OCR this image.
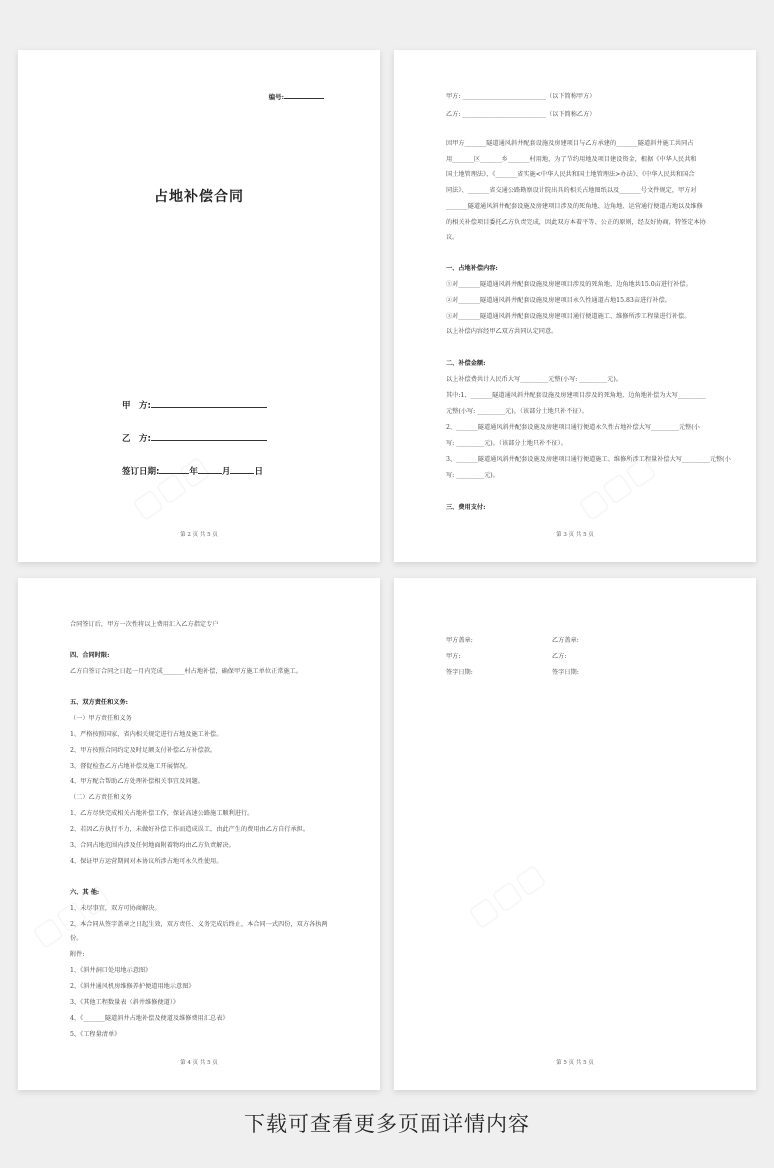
编号:
占地补偿合同
甲　方:
乙　方:
签订日期:	年	月	日
第 2 页 共 5 页
甲方: ___________________________（以下简称甲方）
乙方: ___________________________（以下简称乙方）
因甲方_______隧道通风斜井配套设施及房建项目与乙方承建的_______隧道斜井施工共同占
用_______区_______乡_______村用地，为了节约用地及项目建设资金，根据《中华人民共和
国土地管理法》、《_______省实施<中华人民共和国土地管理法>办法》、《中华人民共和国合
同法》、_______省交通公路勘察设计院出具的相关占地图纸以及_______号文件规定，甲方对
_______隧道通风斜井配套设施及房建项目涉及的死角地、边角地、运营通行便道占地以及维修
的相关补偿项目委托乙方负责完成，因此双方本着平等、公正的原则，经友好协商，特签定本协
议。
一、占地补偿内容:
①对_______隧道通风斜井配套设施及房建项目涉及的死角地、边角地共15.0亩进行补偿。
②对_______隧道通风斜井配套设施及房建项目永久性通道占地15.83亩进行补偿。
③对_______隧道通风斜井配套设施及房建项目通行便道施工、维修所涉工程量进行补偿。
以上补偿内容经甲乙双方共同认定同意。
二、补偿金额:
以上补偿费共计人民币大写_________元整(小写: _________元)。
其中:1、_______隧道通风斜井配套设施及房建项目涉及的死角地、边角地补偿为大写_________
元整(小写: _________元)。（该部分土地只补不征）。
2、_______隧道通风斜井配套设施及房建项目通行便道永久性占地补偿大写_________元整(小
写: _________元)。（该部分土地只补不征）。
3、_______隧道通风斜井配套设施及房建项目通行便道施工、维修所涉工程量补偿大写_________元整(小
写: _________元)。
三、费用支付:
第 3 页 共 5 页
合同签订后，甲方一次性将以上费用汇入乙方指定专户
四、合同时限:
乙方自签订合同之日起一月内完成_______村占地补偿，确保甲方施工单位正常施工。
五、双方责任和义务:
（一）甲方责任和义务
1、严格按照国家、省内相关规定进行占地及施工补偿。
2、甲方按照合同约定及时足额支付补偿乙方补偿款。
3、督促检查乙方占地补偿及施工开展情况。
4、甲方配合帮助乙方处理补偿相关事宜及问题。
（二）乙方责任和义务
1、乙方尽快完成相关占地补偿工作，保证高速公路施工顺利进行。
2、若因乙方执行不力，未做好补偿工作而造成误工，由此产生的费用由乙方自行承担。
3、合同占地范围内涉及任何地面附着物均由乙方负责解决。
4、保证甲方运营期间对本协议所涉占地可永久性使用。
六、其 他:
1、未尽事宜，双方可协商解决。
2、本合同从签字盖章之日起生效，双方责任、义务完成后终止，本合同一式四份，双方各执两
份。
附件:
1、《斜井洞口处用地示意图》
2、《斜井通风机房维修养护便道用地示意图》
3、《其他工程数量表（斜井维修便道）》
4、《_______隧道斜井占地补偿及便道及维修费用汇总表》
5、《工程量清单》
第 4 页 共 5 页
甲方盖章:	乙方盖章:
甲方:	乙方:
签字日期:	签字日期:
第 5 页 共 5 页
下载可查看更多页面详情内容
